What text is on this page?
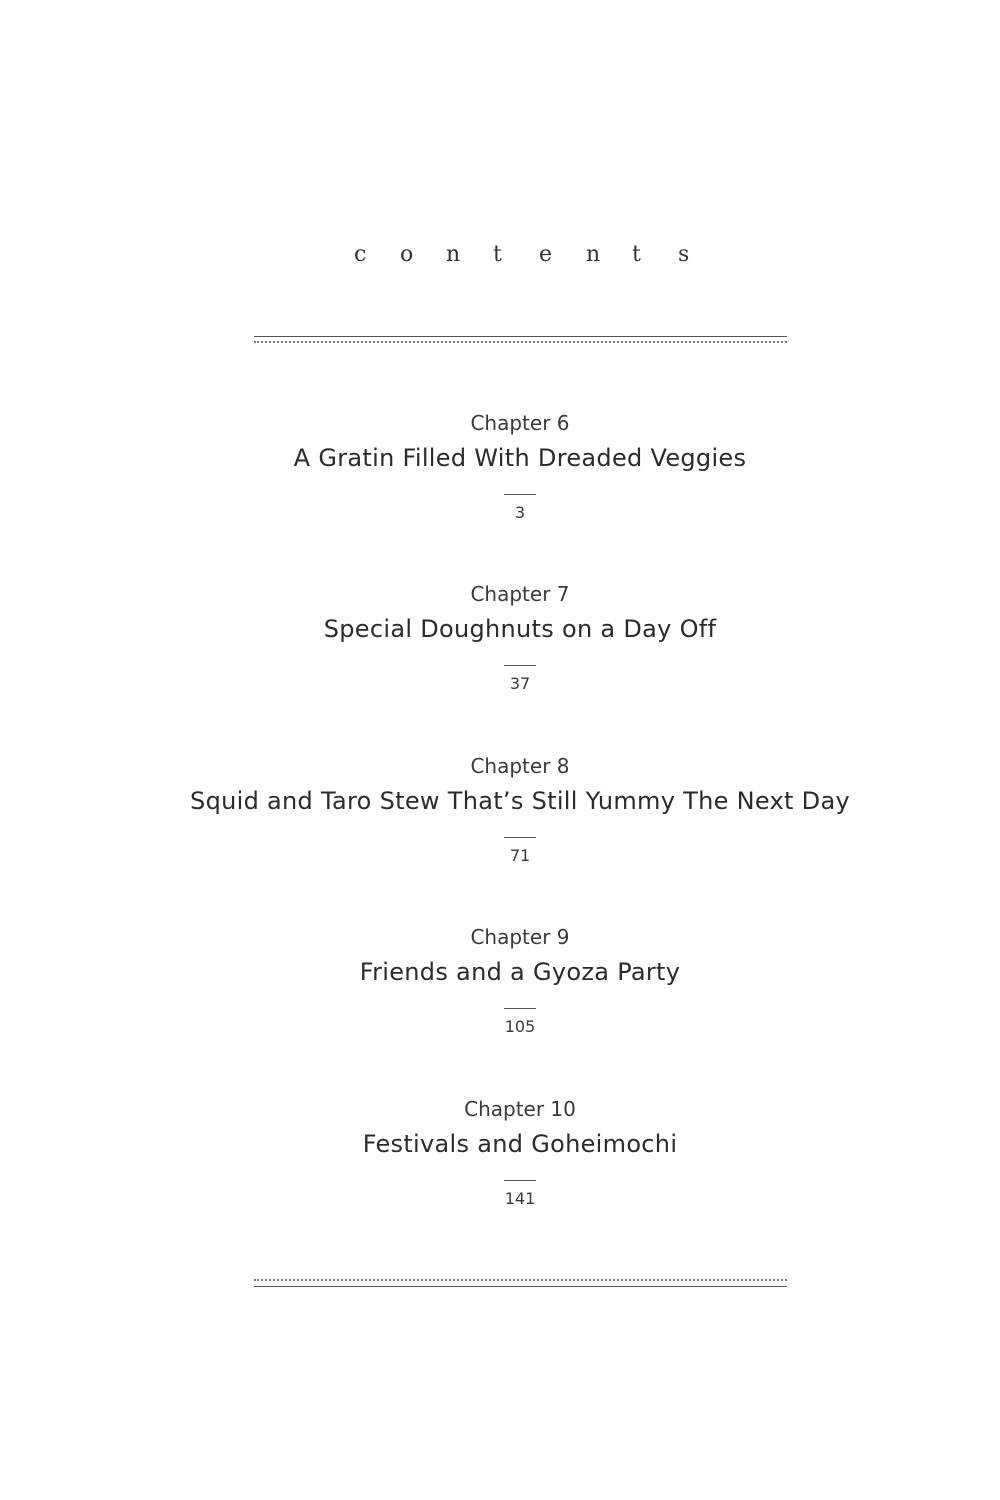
c o n t e n t s
Chapter 6
A Gratin Filled With Dreaded Veggies
3
Chapter 7
Special Doughnuts on a Day Off
37
Chapter 8
Squid and Taro Stew That’s Still Yummy The Next Day
71
Chapter 9
Friends and a Gyoza Party
105
Chapter 10
Festivals and Goheimochi
141
